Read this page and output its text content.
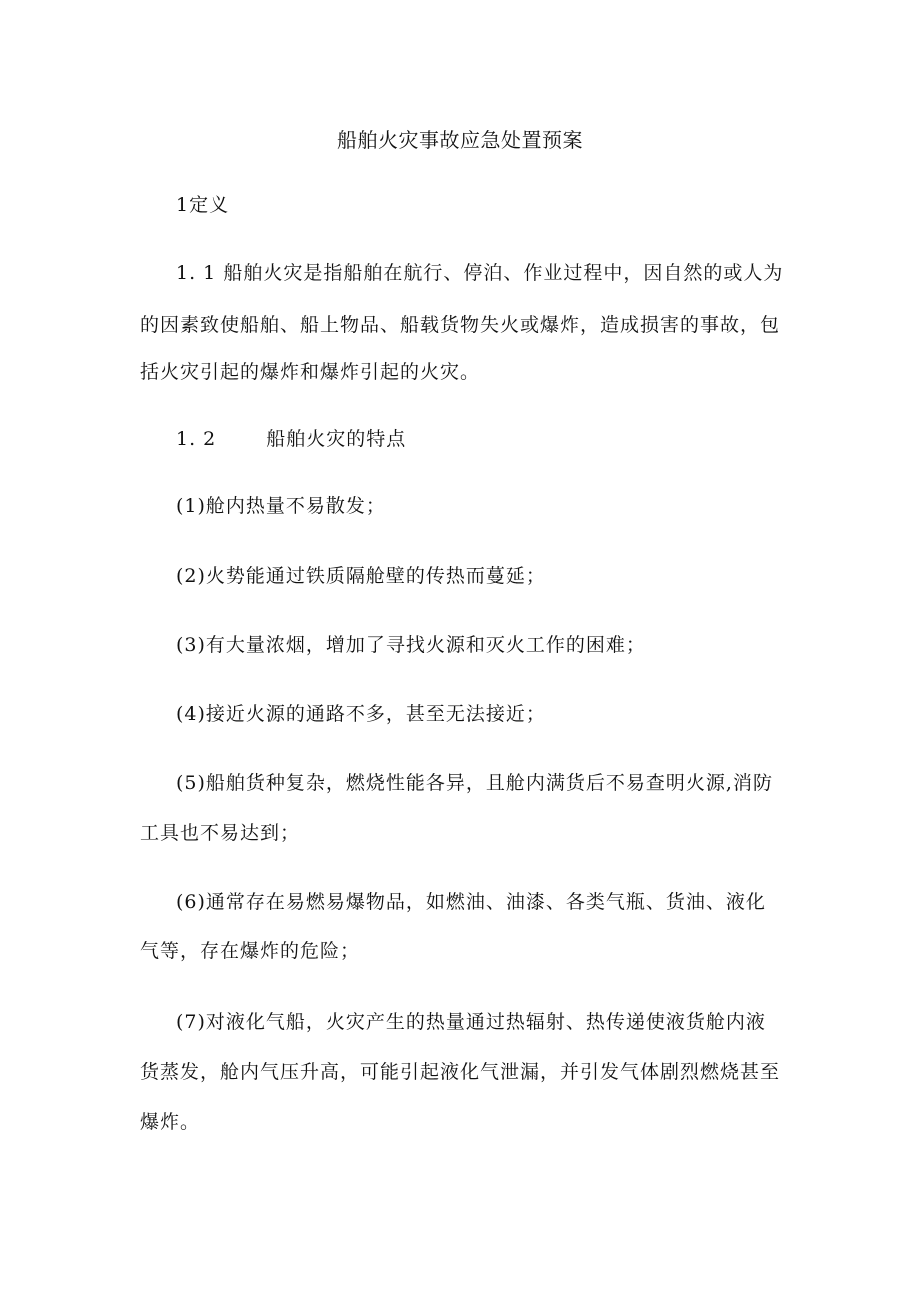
船舶火灾事故应急处置预案
1定义
1. 1 船舶火灾是指船舶在航行、停泊、作业过程中，因自然的或人为
的因素致使船舶、船上物品、船载货物失火或爆炸，造成损害的事故，包
括火灾引起的爆炸和爆炸引起的火灾。
1. 2	船舶火灾的特点
(1)舱内热量不易散发；
(2)火势能通过铁质隔舱壁的传热而蔓延；
(3)有大量浓烟，增加了寻找火源和灭火工作的困难；
(4)接近火源的通路不多，甚至无法接近；
(5)船舶货种复杂，燃烧性能各异，且舱内满货后不易查明火源,消防
工具也不易达到；
(6)通常存在易燃易爆物品，如燃油、油漆、各类气瓶、货油、液化
气等，存在爆炸的危险；
(7)对液化气船，火灾产生的热量通过热辐射、热传递使液货舱内液
货蒸发，舱内气压升高，可能引起液化气泄漏，并引发气体剧烈燃烧甚至
爆炸。
